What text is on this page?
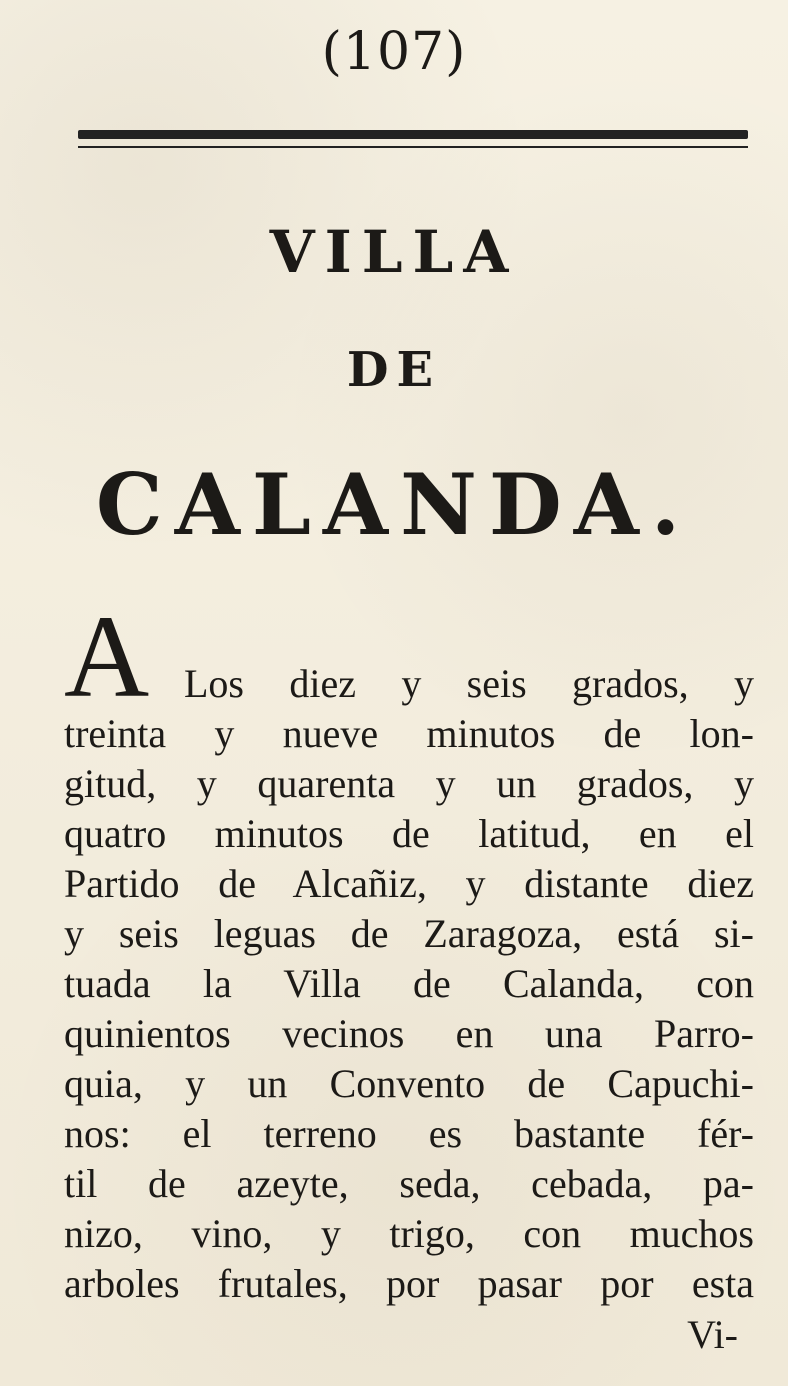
(107)
VILLA
DE
CALANDA.
A Los diez y seis grados, y
treinta y nueve minutos de lon-
gitud, y quarenta y un grados, y
quatro minutos de latitud, en el
Partido de Alcañiz, y distante diez
y seis leguas de Zaragoza, está si-
tuada la Villa de Calanda, con
quinientos vecinos en una Parro-
quia, y un Convento de Capuchi-
nos: el terreno es bastante fér-
til de azeyte, seda, cebada, pa-
nizo, vino, y trigo, con muchos
arboles frutales, por pasar por esta
Vi-
